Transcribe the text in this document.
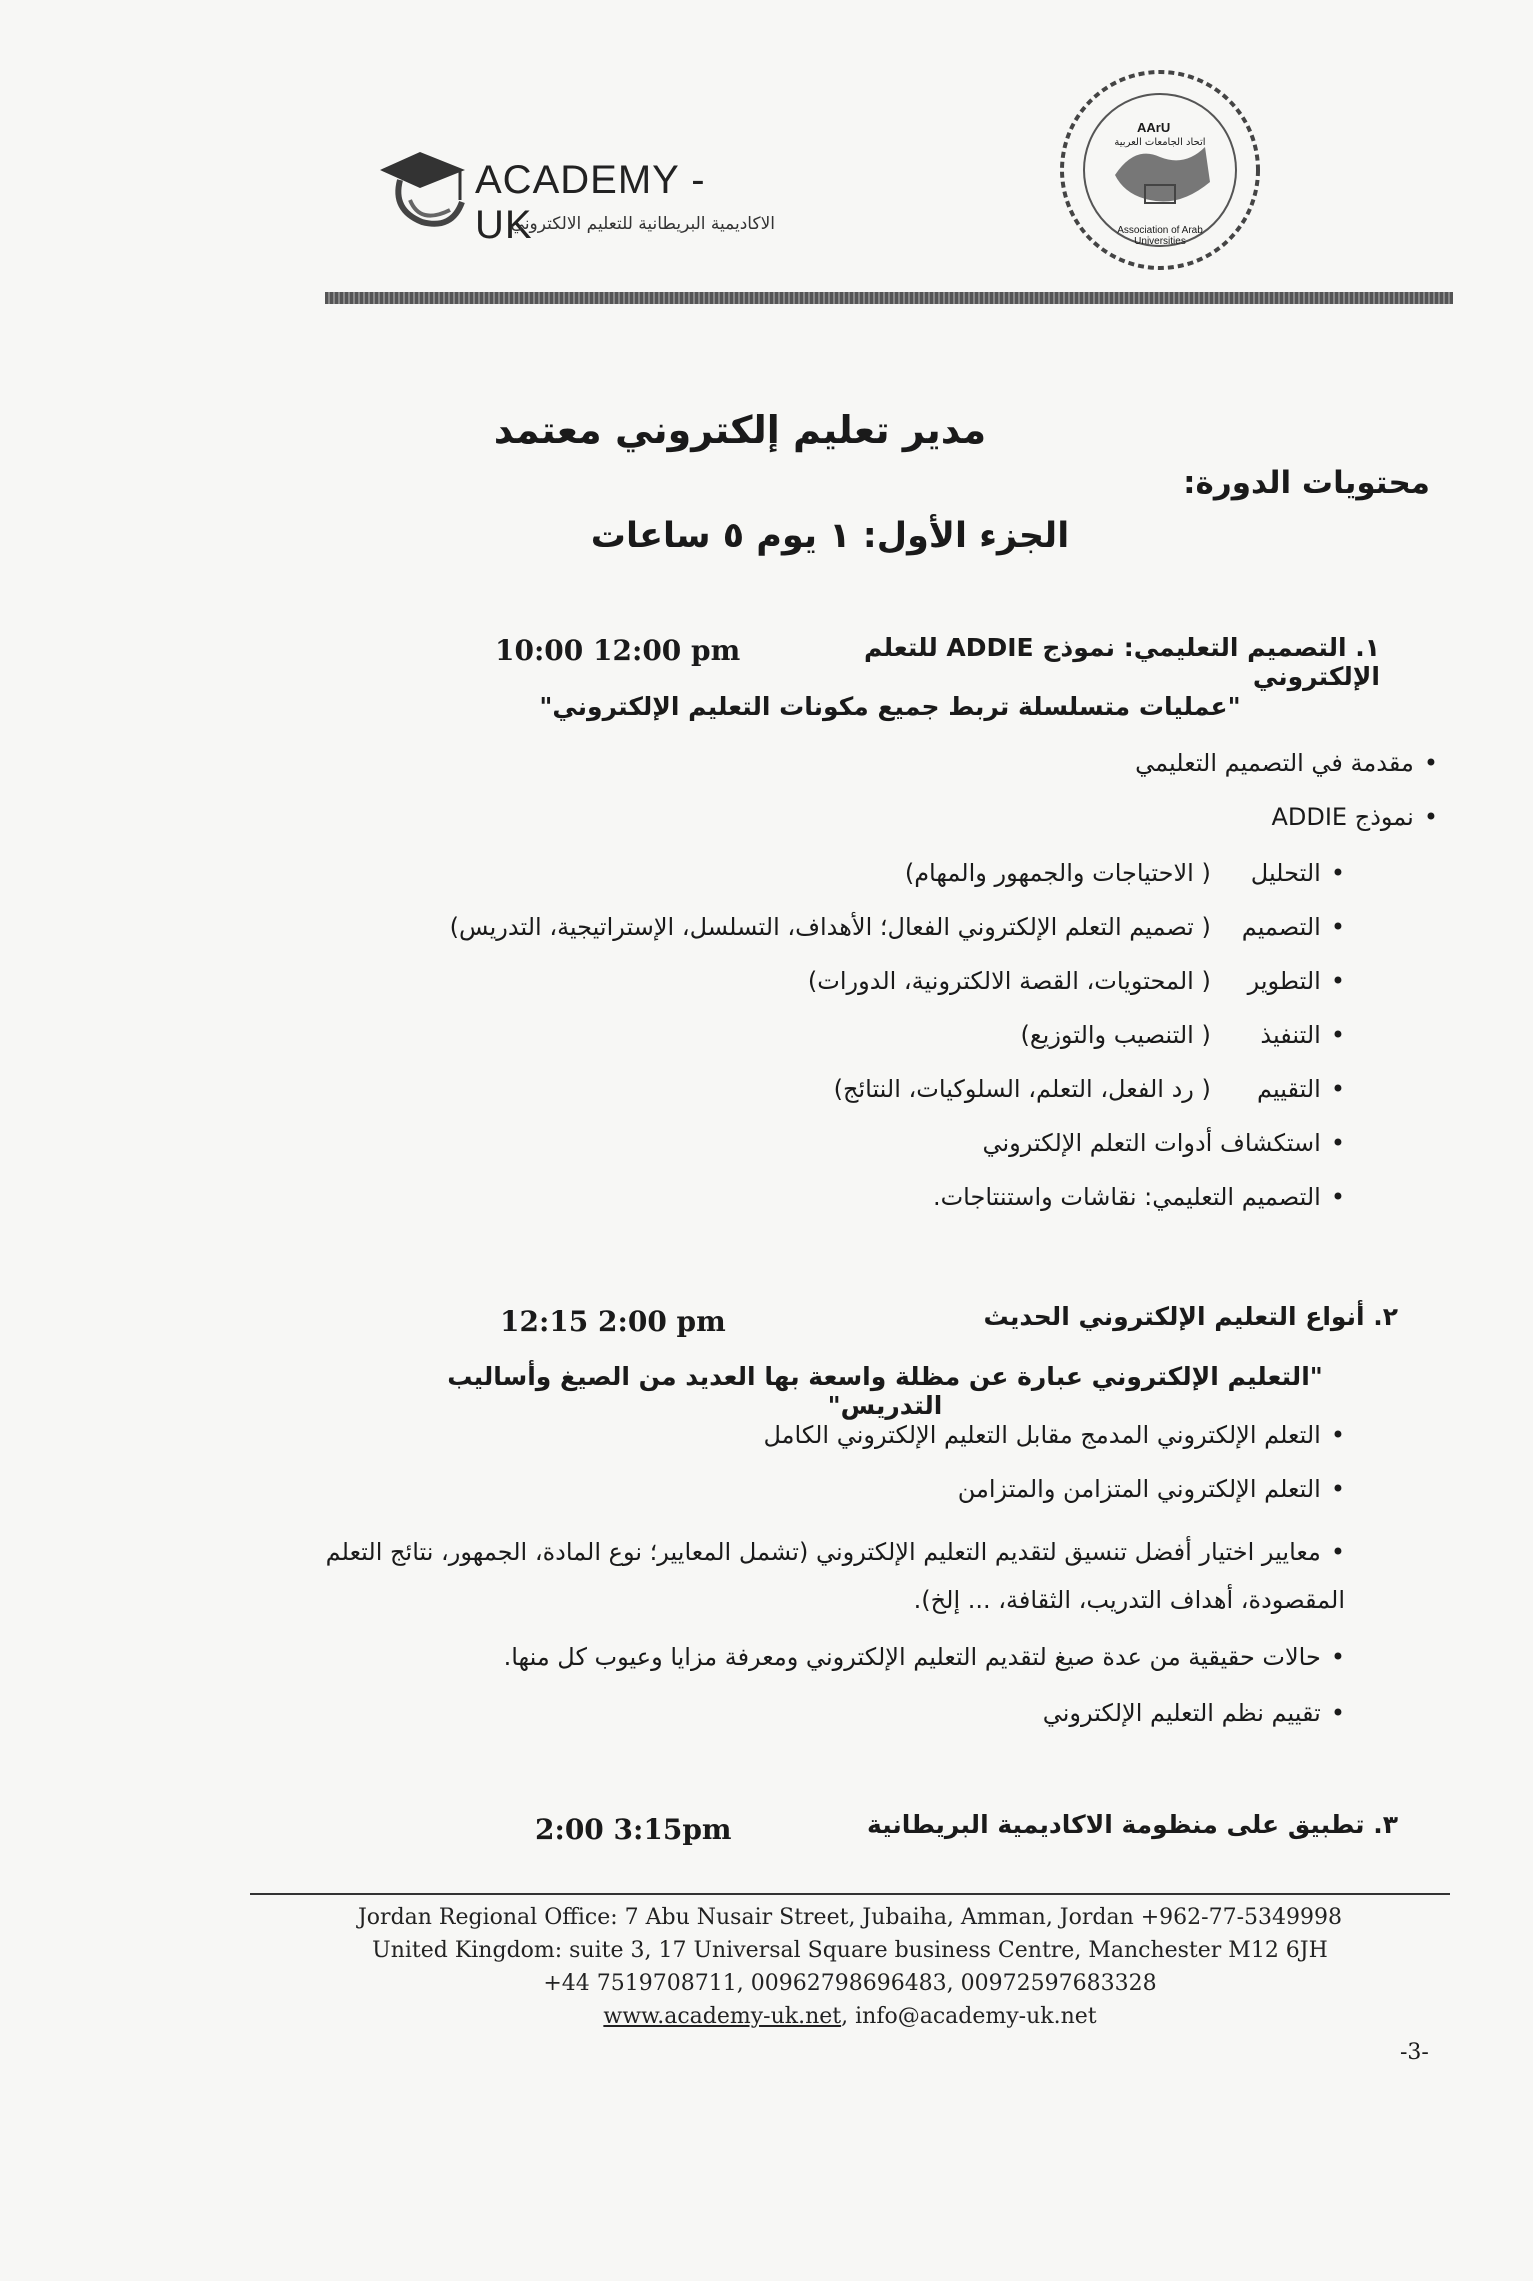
ACADEMY - UK
الاكاديمية البريطانية للتعليم الالكتروني
AArU
اتحاد الجامعات العربية
Association of Arab Universities
مدير تعليم إلكتروني معتمد
محتويات الدورة:
الجزء الأول: ١ يوم ٥ ساعات
١. التصميم التعليمي: نموذج ADDIE للتعلم الإلكتروني
10:00 12:00 pm
"عمليات متسلسلة تربط جميع مكونات التعليم الإلكتروني"
•مقدمة في التصميم التعليمي
•نموذج ADDIE
•التحليل( الاحتياجات والجمهور والمهام)
•التصميم( تصميم التعلم الإلكتروني الفعال؛ الأهداف، التسلسل، الإستراتيجية، التدريس)
•التطوير( المحتويات، القصة الالكترونية، الدورات)
•التنفيذ( التنصيب والتوزيع)
•التقييم( رد الفعل، التعلم، السلوكيات، النتائج)
•استكشاف أدوات التعلم الإلكتروني
•التصميم التعليمي: نقاشات واستنتاجات.
٢. أنواع التعليم الإلكتروني الحديث
12:15 2:00 pm
"التعليم الإلكتروني عبارة عن مظلة واسعة بها العديد من الصيغ وأساليب التدريس"
•التعلم الإلكتروني المدمج مقابل التعليم الإلكتروني الكامل
•التعلم الإلكتروني المتزامن والمتزامن
•معايير اختيار أفضل تنسيق لتقديم التعليم الإلكتروني (تشمل المعايير؛ نوع المادة، الجمهور، نتائج التعلم المقصودة، أهداف التدريب، الثقافة، ... إلخ).
•حالات حقيقية من عدة صيغ لتقديم التعليم الإلكتروني ومعرفة مزايا وعيوب كل منها.
•تقييم نظم التعليم الإلكتروني
٣. تطبيق على منظومة الاكاديمية البريطانية
2:00 3:15pm
Jordan Regional Office: 7 Abu Nusair Street, Jubaiha, Amman, Jordan +962-77-5349998
United Kingdom: suite 3, 17 Universal Square business Centre, Manchester M12 6JH
+44 7519708711, 00962798696483, 00972597683328
www.academy-uk.net, info@academy-uk.net
-3-
